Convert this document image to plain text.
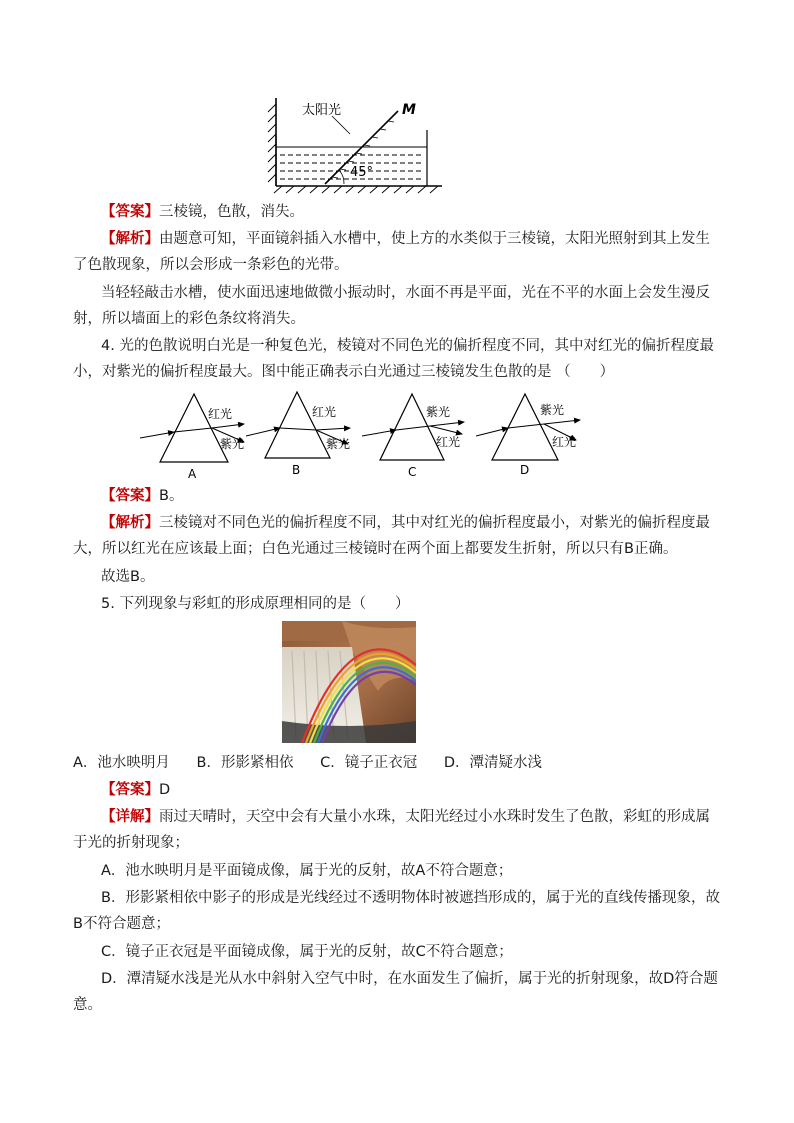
太阳光	M
45°

【答案】三棱镜，色散，消失。

【解析】由题意可知，平面镜斜插入水槽中，使上方的水类似于三棱镜，太阳光照射到其上发生了色散现象，所以会形成一条彩色的光带。

当轻轻敲击水槽，使水面迅速地做微小振动时，水面不再是平面，光在不平的水面上会发生漫反射，所以墙面上的彩色条纹将消失。

4. 光的色散说明白光是一种复色光，棱镜对不同色光的偏折程度不同，其中对红光的偏折程度最小，对紫光的偏折程度最大。图中能正确表示白光通过三棱镜发生色散的是 （　　）

红光
紫光
A
红光
紫光
B
紫光
红光
C
紫光
红光
D

【答案】B。

【解析】三棱镜对不同色光的偏折程度不同，其中对红光的偏折程度最小，对紫光的偏折程度最大，所以红光在应该最上面；白色光通过三棱镜时在两个面上都要发生折射，所以只有B正确。

故选B。

5. 下列现象与彩虹的形成原理相同的是（　　）

A．池水映明月 B．形影紧相依 C．镜子正衣冠 D．潭清疑水浅

【答案】D

【详解】雨过天晴时，天空中会有大量小水珠，太阳光经过小水珠时发生了色散，彩虹的形成属于光的折射现象；

A．池水映明月是平面镜成像，属于光的反射，故A不符合题意；

B．形影紧相依中影子的形成是光线经过不透明物体时被遮挡形成的，属于光的直线传播现象，故B不符合题意；

C．镜子正衣冠是平面镜成像，属于光的反射，故C不符合题意；

D．潭清疑水浅是光从水中斜射入空气中时，在水面发生了偏折，属于光的折射现象，故D符合题意。
